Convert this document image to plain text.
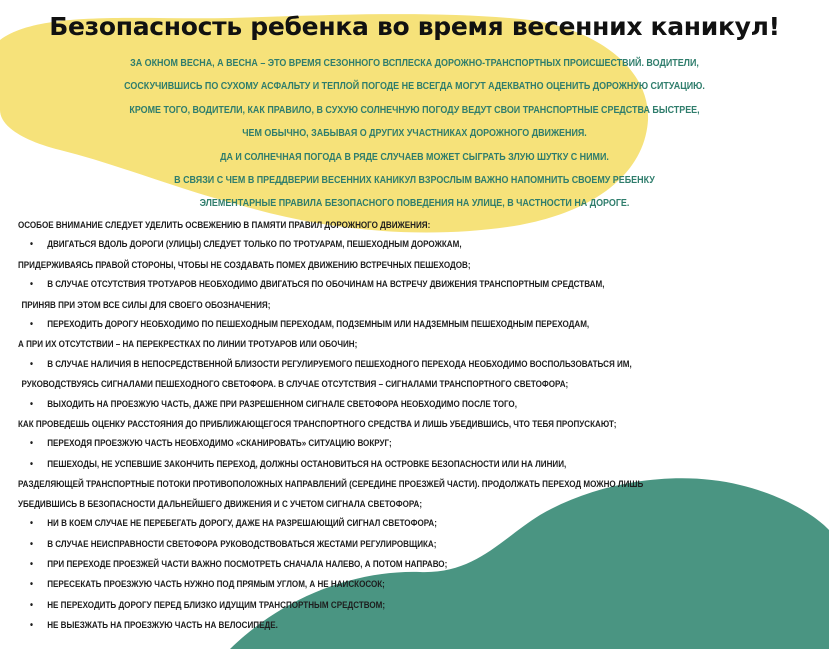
Безопасность ребенка во время весенних каникул!
ЗА ОКНОМ ВЕСНА, А ВЕСНА – ЭТО ВРЕМЯ СЕЗОННОГО ВСПЛЕСКА ДОРОЖНО-ТРАНСПОРТНЫХ ПРОИСШЕСТВИЙ. ВОДИТЕЛИ,
СОСКУЧИВШИСЬ ПО СУХОМУ АСФАЛЬТУ И ТЕПЛОЙ ПОГОДЕ НЕ ВСЕГДА МОГУТ АДЕКВАТНО ОЦЕНИТЬ ДОРОЖНУЮ СИТУАЦИЮ.
КРОМЕ ТОГО, ВОДИТЕЛИ, КАК ПРАВИЛО, В СУХУЮ СОЛНЕЧНУЮ ПОГОДУ ВЕДУТ СВОИ ТРАНСПОРТНЫЕ СРЕДСТВА БЫСТРЕЕ,
ЧЕМ ОБЫЧНО, ЗАБЫВАЯ О ДРУГИХ УЧАСТНИКАХ ДОРОЖНОГО ДВИЖЕНИЯ.
ДА И СОЛНЕЧНАЯ ПОГОДА В РЯДЕ СЛУЧАЕВ МОЖЕТ СЫГРАТЬ ЗЛУЮ ШУТКУ С НИМИ.
В СВЯЗИ С ЧЕМ В ПРЕДДВЕРИИ ВЕСЕННИХ КАНИКУЛ ВЗРОСЛЫМ ВАЖНО НАПОМНИТЬ СВОЕМУ РЕБЕНКУ
ЭЛЕМЕНТАРНЫЕ ПРАВИЛА БЕЗОПАСНОГО ПОВЕДЕНИЯ НА УЛИЦЕ, В ЧАСТНОСТИ НА ДОРОГЕ.
ОСОБОЕ ВНИМАНИЕ СЛЕДУЕТ УДЕЛИТЬ ОСВЕЖЕНИЮ В ПАМЯТИ ПРАВИЛ ДОРОЖНОГО ДВИЖЕНИЯ:
• ДВИГАТЬСЯ ВДОЛЬ ДОРОГИ (УЛИЦЫ) СЛЕДУЕТ ТОЛЬКО ПО ТРОТУАРАМ, ПЕШЕХОДНЫМ ДОРОЖКАМ,
ПРИДЕРЖИВАЯСЬ ПРАВОЙ СТОРОНЫ, ЧТОБЫ НЕ СОЗДАВАТЬ ПОМЕХ ДВИЖЕНИЮ ВСТРЕЧНЫХ ПЕШЕХОДОВ;
• В СЛУЧАЕ ОТСУТСТВИЯ ТРОТУАРОВ НЕОБХОДИМО ДВИГАТЬСЯ ПО ОБОЧИНАМ НА ВСТРЕЧУ ДВИЖЕНИЯ ТРАНСПОРТНЫМ СРЕДСТВАМ,
ПРИНЯВ ПРИ ЭТОМ ВСЕ СИЛЫ ДЛЯ СВОЕГО ОБОЗНАЧЕНИЯ;
• ПЕРЕХОДИТЬ ДОРОГУ НЕОБХОДИМО ПО ПЕШЕХОДНЫМ ПЕРЕХОДАМ, ПОДЗЕМНЫМ ИЛИ НАДЗЕМНЫМ ПЕШЕХОДНЫМ ПЕРЕХОДАМ,
А ПРИ ИХ ОТСУТСТВИИ – НА ПЕРЕКРЕСТКАХ ПО ЛИНИИ ТРОТУАРОВ ИЛИ ОБОЧИН;
• В СЛУЧАЕ НАЛИЧИЯ В НЕПОСРЕДСТВЕННОЙ БЛИЗОСТИ РЕГУЛИРУЕМОГО ПЕШЕХОДНОГО ПЕРЕХОДА НЕОБХОДИМО ВОСПОЛЬЗОВАТЬСЯ ИМ,
РУКОВОДСТВУЯСЬ СИГНАЛАМИ ПЕШЕХОДНОГО СВЕТОФОРА. В СЛУЧАЕ ОТСУТСТВИЯ – СИГНАЛАМИ ТРАНСПОРТНОГО СВЕТОФОРА;
• ВЫХОДИТЬ НА ПРОЕЗЖУЮ ЧАСТЬ, ДАЖЕ ПРИ РАЗРЕШЕННОМ СИГНАЛЕ СВЕТОФОРА НЕОБХОДИМО ПОСЛЕ ТОГО,
КАК ПРОВЕДЕШЬ ОЦЕНКУ РАССТОЯНИЯ ДО ПРИБЛИЖАЮЩЕГОСЯ ТРАНСПОРТНОГО СРЕДСТВА И ЛИШЬ УБЕДИВШИСЬ, ЧТО ТЕБЯ ПРОПУСКАЮТ;
• ПЕРЕХОДЯ ПРОЕЗЖУЮ ЧАСТЬ НЕОБХОДИМО «СКАНИРОВАТЬ» СИТУАЦИЮ ВОКРУГ;
• ПЕШЕХОДЫ, НЕ УСПЕВШИЕ ЗАКОНЧИТЬ ПЕРЕХОД, ДОЛЖНЫ ОСТАНОВИТЬСЯ НА ОСТРОВКЕ БЕЗОПАСНОСТИ ИЛИ НА ЛИНИИ,
РАЗДЕЛЯЮЩЕЙ ТРАНСПОРТНЫЕ ПОТОКИ ПРОТИВОПОЛОЖНЫХ НАПРАВЛЕНИЙ (СЕРЕДИНЕ ПРОЕЗЖЕЙ ЧАСТИ). ПРОДОЛЖАТЬ ПЕРЕХОД МОЖНО ЛИШЬ
УБЕДИВШИСЬ В БЕЗОПАСНОСТИ ДАЛЬНЕЙШЕГО ДВИЖЕНИЯ И С УЧЕТОМ СИГНАЛА СВЕТОФОРА;
• НИ В КОЕМ СЛУЧАЕ НЕ ПЕРЕБЕГАТЬ ДОРОГУ, ДАЖЕ НА РАЗРЕШАЮЩИЙ СИГНАЛ СВЕТОФОРА;
• В СЛУЧАЕ НЕИСПРАВНОСТИ СВЕТОФОРА РУКОВОДСТВОВАТЬСЯ ЖЕСТАМИ РЕГУЛИРОВЩИКА;
• ПРИ ПЕРЕХОДЕ ПРОЕЗЖЕЙ ЧАСТИ ВАЖНО ПОСМОТРЕТЬ СНАЧАЛА НАЛЕВО, А ПОТОМ НАПРАВО;
• ПЕРЕСЕКАТЬ ПРОЕЗЖУЮ ЧАСТЬ НУЖНО ПОД ПРЯМЫМ УГЛОМ, А НЕ НАИСКОСОК;
• НЕ ПЕРЕХОДИТЬ ДОРОГУ ПЕРЕД БЛИЗКО ИДУЩИМ ТРАНСПОРТНЫМ СРЕДСТВОМ;
• НЕ ВЫЕЗЖАТЬ НА ПРОЕЗЖУЮ ЧАСТЬ НА ВЕЛОСИПЕДЕ.
